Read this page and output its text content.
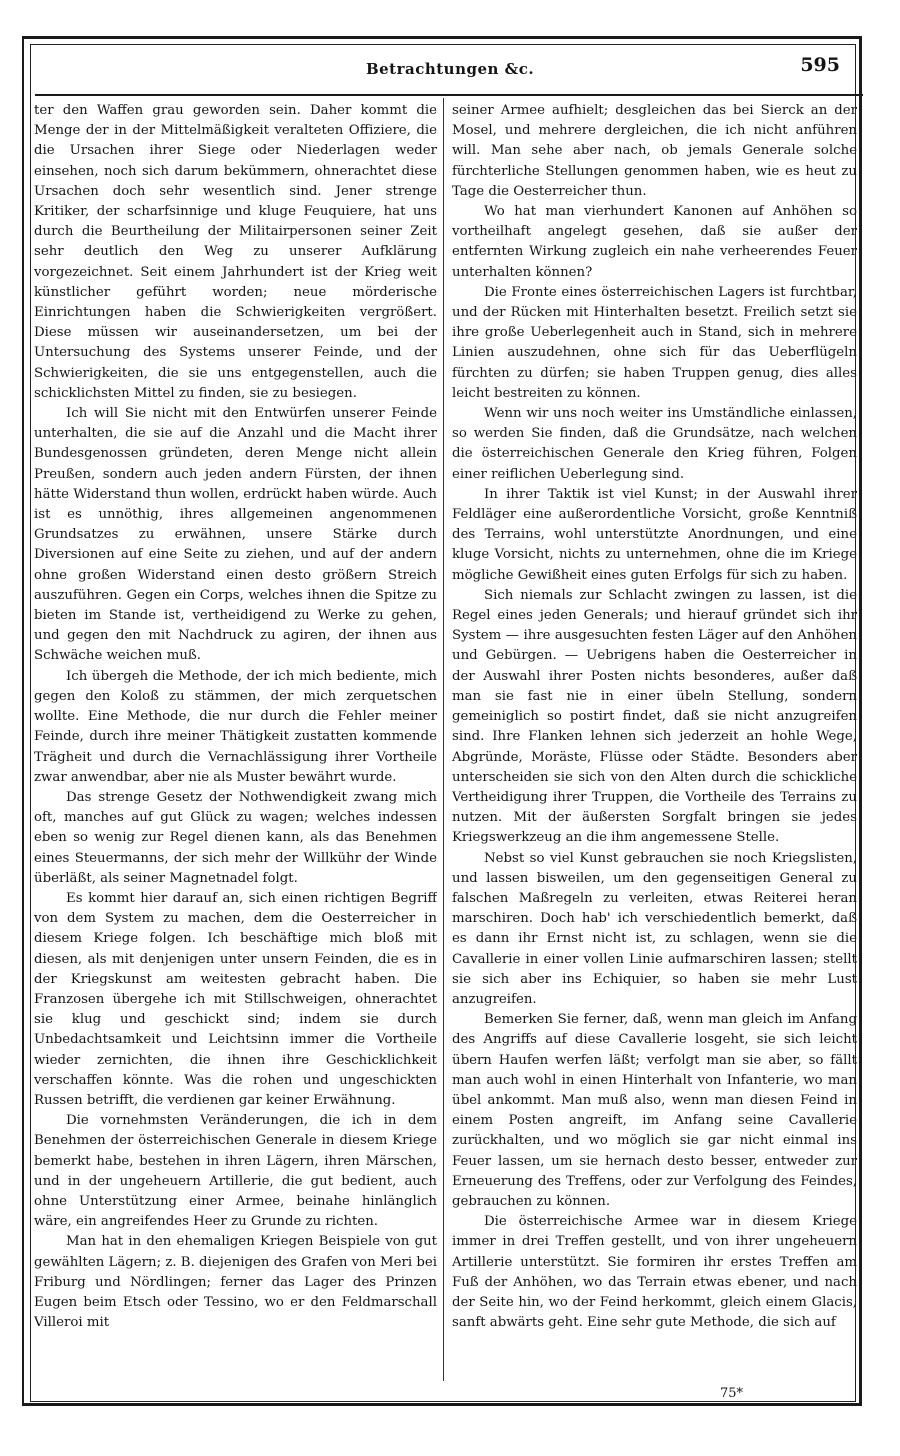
Betrachtungen &c.	595

ter den Waffen grau geworden sein. Daher kommt die Menge der in der Mittelmäßigkeit veralteten Offiziere, die die Ursachen ihrer Siege oder Niederlagen weder einsehen, noch sich darum bekümmern, ohnerachtet diese Ursachen doch sehr wesentlich sind. Jener strenge Kritiker, der scharfsinnige und kluge Feuquiere, hat uns durch die Beurtheilung der Militairpersonen seiner Zeit sehr deutlich den Weg zu unserer Aufklärung vorgezeichnet. Seit einem Jahrhundert ist der Krieg weit künstlicher geführt worden; neue mörderische Einrichtungen haben die Schwierigkeiten vergrößert. Diese müssen wir auseinandersetzen, um bei der Untersuchung des Systems unserer Feinde, und der Schwierigkeiten, die sie uns entgegenstellen, auch die schicklichsten Mittel zu finden, sie zu besiegen.

Ich will Sie nicht mit den Entwürfen unserer Feinde unterhalten, die sie auf die Anzahl und die Macht ihrer Bundesgenossen gründeten, deren Menge nicht allein Preußen, sondern auch jeden andern Fürsten, der ihnen hätte Widerstand thun wollen, erdrückt haben würde. Auch ist es unnöthig, ihres allgemeinen angenommenen Grundsatzes zu erwähnen, unsere Stärke durch Diversionen auf eine Seite zu ziehen, und auf der andern ohne großen Widerstand einen desto größern Streich auszuführen. Gegen ein Corps, welches ihnen die Spitze zu bieten im Stande ist, vertheidigend zu Werke zu gehen, und gegen den mit Nachdruck zu agiren, der ihnen aus Schwäche weichen muß.

Ich übergeh die Methode, der ich mich bediente, mich gegen den Koloß zu stämmen, der mich zerquetschen wollte. Eine Methode, die nur durch die Fehler meiner Feinde, durch ihre meiner Thätigkeit zustatten kommende Trägheit und durch die Vernachlässigung ihrer Vortheile zwar anwendbar, aber nie als Muster bewährt wurde.

Das strenge Gesetz der Nothwendigkeit zwang mich oft, manches auf gut Glück zu wagen; welches indessen eben so wenig zur Regel dienen kann, als das Benehmen eines Steuermanns, der sich mehr der Willkühr der Winde überläßt, als seiner Magnetnadel folgt.

Es kommt hier darauf an, sich einen richtigen Begriff von dem System zu machen, dem die Oesterreicher in diesem Kriege folgen. Ich beschäftige mich bloß mit diesen, als mit denjenigen unter unsern Feinden, die es in der Kriegskunst am weitesten gebracht haben. Die Franzosen übergehe ich mit Stillschweigen, ohnerachtet sie klug und geschickt sind; indem sie durch Unbedachtsamkeit und Leichtsinn immer die Vortheile wieder zernichten, die ihnen ihre Geschicklichkeit verschaffen könnte. Was die rohen und ungeschickten Russen betrifft, die verdienen gar keiner Erwähnung.

Die vornehmsten Veränderungen, die ich in dem Benehmen der österreichischen Generale in diesem Kriege bemerkt habe, bestehen in ihren Lägern, ihren Märschen, und in der ungeheuern Artillerie, die gut bedient, auch ohne Unterstützung einer Armee, beinahe hinlänglich wäre, ein angreifendes Heer zu Grunde zu richten.

Man hat in den ehemaligen Kriegen Beispiele von gut gewählten Lägern; z. B. diejenigen des Grafen von Meri bei Friburg und Nördlingen; ferner das Lager des Prinzen Eugen beim Etsch oder Tessino, wo er den Feldmarschall Villeroi mit

seiner Armee aufhielt; desgleichen das bei Sierck an der Mosel, und mehrere dergleichen, die ich nicht anführen will. Man sehe aber nach, ob jemals Generale solche fürchterliche Stellungen genommen haben, wie es heut zu Tage die Oesterreicher thun.

Wo hat man vierhundert Kanonen auf Anhöhen so vortheilhaft angelegt gesehen, daß sie außer der entfernten Wirkung zugleich ein nahe verheerendes Feuer unterhalten können?

Die Fronte eines österreichischen Lagers ist furchtbar, und der Rücken mit Hinterhalten besetzt. Freilich setzt sie ihre große Ueberlegenheit auch in Stand, sich in mehrere Linien auszudehnen, ohne sich für das Ueberflügeln fürchten zu dürfen; sie haben Truppen genug, dies alles leicht bestreiten zu können.

Wenn wir uns noch weiter ins Umständliche einlassen, so werden Sie finden, daß die Grundsätze, nach welchen die österreichischen Generale den Krieg führen, Folgen einer reiflichen Ueberlegung sind.

In ihrer Taktik ist viel Kunst; in der Auswahl ihrer Feldläger eine außerordentliche Vorsicht, große Kenntniß des Terrains, wohl unterstützte Anordnungen, und eine kluge Vorsicht, nichts zu unternehmen, ohne die im Kriege mögliche Gewißheit eines guten Erfolgs für sich zu haben.

Sich niemals zur Schlacht zwingen zu lassen, ist die Regel eines jeden Generals; und hierauf gründet sich ihr System — ihre ausgesuchten festen Läger auf den Anhöhen und Gebürgen. — Uebrigens haben die Oesterreicher in der Auswahl ihrer Posten nichts besonderes, außer daß man sie fast nie in einer übeln Stellung, sondern gemeiniglich so postirt findet, daß sie nicht anzugreifen sind. Ihre Flanken lehnen sich jederzeit an hohle Wege, Abgründe, Moräste, Flüsse oder Städte. Besonders aber unterscheiden sie sich von den Alten durch die schickliche Vertheidigung ihrer Truppen, die Vortheile des Terrains zu nutzen. Mit der äußersten Sorgfalt bringen sie jedes Kriegswerkzeug an die ihm angemessene Stelle.

Nebst so viel Kunst gebrauchen sie noch Kriegslisten, und lassen bisweilen, um den gegenseitigen General zu falschen Maßregeln zu verleiten, etwas Reiterei heran marschiren. Doch hab' ich verschiedentlich bemerkt, daß es dann ihr Ernst nicht ist, zu schlagen, wenn sie die Cavallerie in einer vollen Linie aufmarschiren lassen; stellt sie sich aber ins Echiquier, so haben sie mehr Lust anzugreifen.

Bemerken Sie ferner, daß, wenn man gleich im Anfang des Angriffs auf diese Cavallerie losgeht, sie sich leicht übern Haufen werfen läßt; verfolgt man sie aber, so fällt man auch wohl in einen Hinterhalt von Infanterie, wo man übel ankommt. Man muß also, wenn man diesen Feind in einem Posten angreift, im Anfang seine Cavallerie zurückhalten, und wo möglich sie gar nicht einmal ins Feuer lassen, um sie hernach desto besser, entweder zur Erneuerung des Treffens, oder zur Verfolgung des Feindes, gebrauchen zu können.

Die österreichische Armee war in diesem Kriege immer in drei Treffen gestellt, und von ihrer ungeheuern Artillerie unterstützt. Sie formiren ihr erstes Treffen am Fuß der Anhöhen, wo das Terrain etwas ebener, und nach der Seite hin, wo der Feind herkommt, gleich einem Glacis, sanft abwärts geht. Eine sehr gute Methode, die sich auf

75*
